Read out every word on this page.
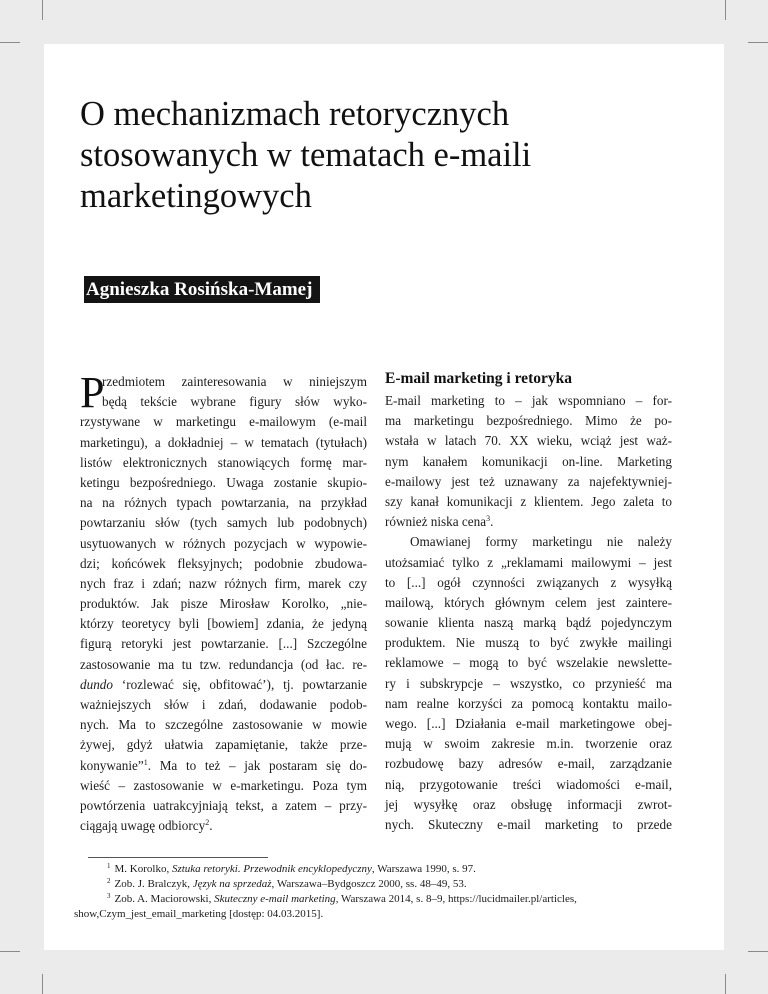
O mechanizmach retorycznych
stosowanych w tematach e-maili
marketingowych
Agnieszka Rosińska-Mamej
P
rzedmiotem zainteresowania w niniejszym
będą tekście wybrane figury słów wyko-
rzystywane w marketingu e-mailowym (e-mail
marketingu), a dokładniej – w tematach (tytułach)
listów elektronicznych stanowiących formę mar-
ketingu bezpośredniego. Uwaga zostanie skupio-
na na różnych typach powtarzania, na przykład
powtarzaniu słów (tych samych lub podobnych)
usytuowanych w różnych pozycjach w wypowie-
dzi; końcówek fleksyjnych; podobnie zbudowa-
nych fraz i zdań; nazw różnych firm, marek czy
produktów. Jak pisze Mirosław Korolko, „nie-
którzy teoretycy byli [bowiem] zdania, że jedyną
figurą retoryki jest powtarzanie. [...] Szczególne
zastosowanie ma tu tzw. redundancja (od łac. re-
dundo ‘rozlewać się, obfitować’), tj. powtarzanie
ważniejszych słów i zdań, dodawanie podob-
nych. Ma to szczególne zastosowanie w mowie
żywej, gdyż ułatwia zapamiętanie, także prze-
konywanie”$^1$. Ma to też – jak postaram się do-
wieść – zastosowanie w e-marketingu. Poza tym
powtórzenia uatrakcyjniają tekst, a zatem – przy-
ciągają uwagę odbiorcy$^2$.
E-mail marketing i retoryka
E-mail marketing to – jak wspomniano – for-
ma marketingu bezpośredniego. Mimo że po-
wstała w latach 70. XX wieku, wciąż jest waż-
nym kanałem komunikacji on-line. Marketing
e-mailowy jest też uznawany za najefektywniej-
szy kanał komunikacji z klientem. Jego zaleta to
również niska cena$^3$.
Omawianej formy marketingu nie należy
utożsamiać tylko z „reklamami mailowymi – jest
to [...] ogół czynności związanych z wysyłką
mailową, których głównym celem jest zaintere-
sowanie klienta naszą marką bądź pojedynczym
produktem. Nie muszą to być zwykłe mailingi
reklamowe – mogą to być wszelakie newslette-
ry i subskrypcje – wszystko, co przynieść ma
nam realne korzyści za pomocą kontaktu mailo-
wego. [...] Działania e-mail marketingowe obej-
mują w swoim zakresie m.in. tworzenie oraz
rozbudowę bazy adresów e-mail, zarządzanie
nią, przygotowanie treści wiadomości e-mail,
jej wysyłkę oraz obsługę informacji zwrot-
nych. Skuteczny e-mail marketing to przede
$^1$ M. Korolko, Sztuka retoryki. Przewodnik encyklopedyczny, Warszawa 1990, s. 97.
$^2$ Zob. J. Bralczyk, Język na sprzedaż, Warszawa–Bydgoszcz 2000, ss. 48–49, 53.
$^3$ Zob. A. Maciorowski, Skuteczny e-mail marketing, Warszawa 2014, s. 8–9, https://lucidmailer.pl/articles,
show,Czym_jest_email_marketing [dostęp: 04.03.2015].
